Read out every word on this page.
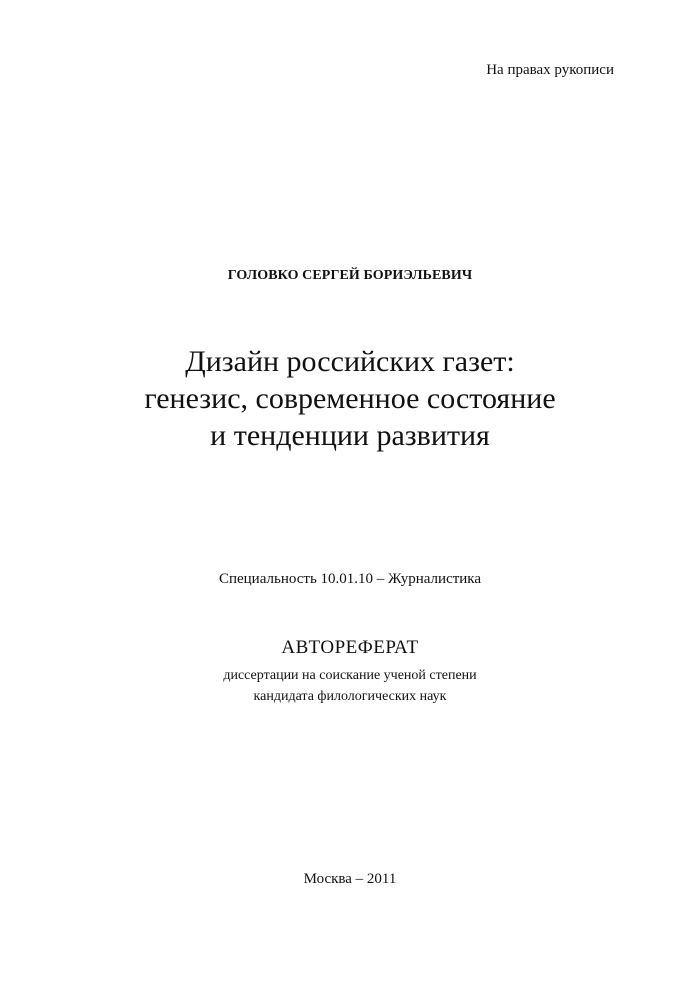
На правах рукописи
ГОЛОВКО СЕРГЕЙ БОРИЭЛЬЕВИЧ
Дизайн российских газет:
генезис, современное состояние
и тенденции развития
Специальность 10.01.10 – Журналистика
АВТОРЕФЕРАТ
диссертации на соискание ученой степени
кандидата филологических наук
Москва – 2011
